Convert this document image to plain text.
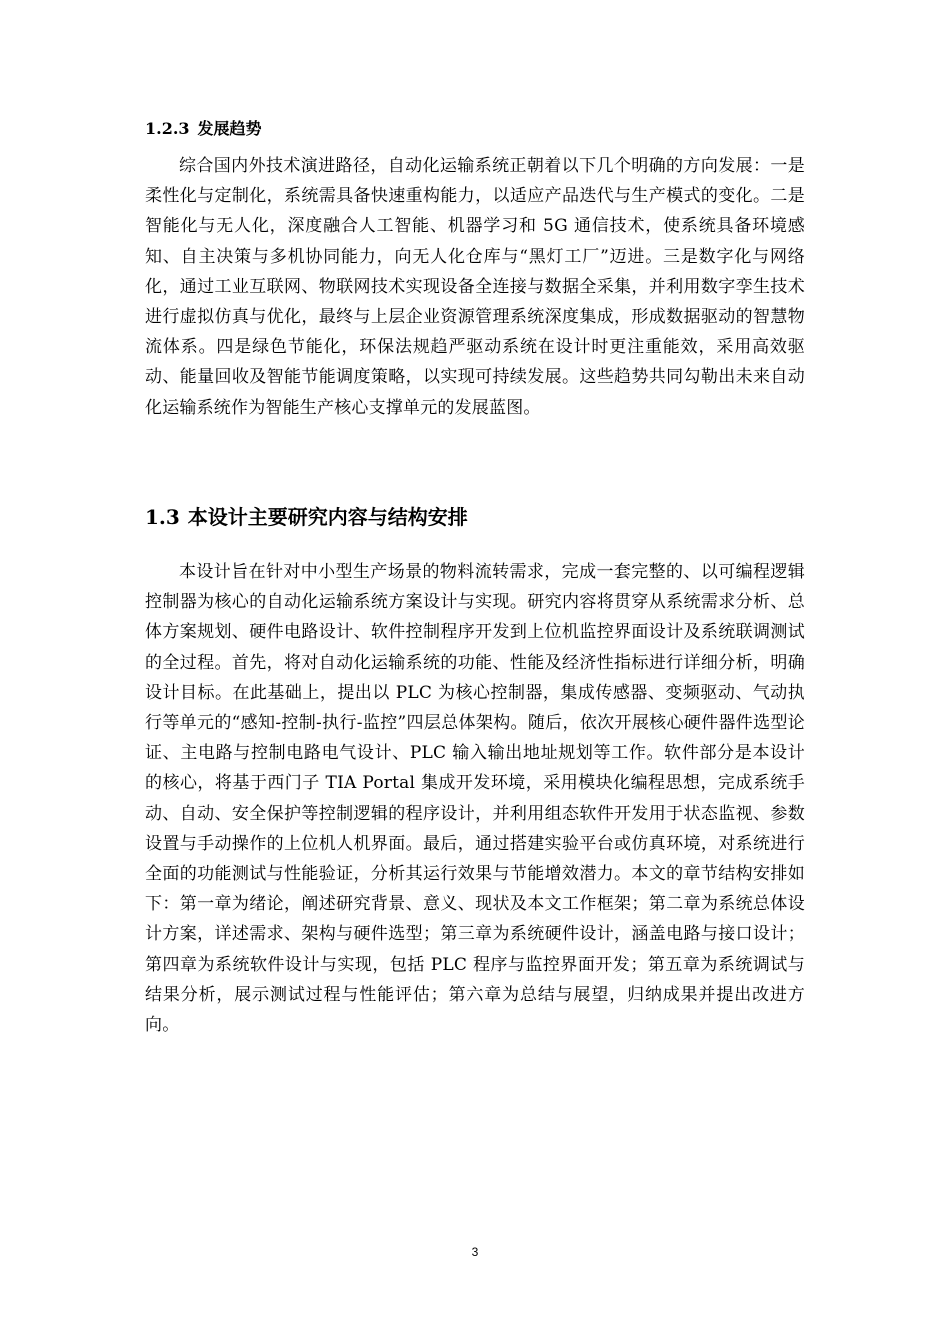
1.2.3 发展趋势

综合国内外技术演进路径，自动化运输系统正朝着以下几个明确的方向发展：一是柔性化与定制化，系统需具备快速重构能力，以适应产品迭代与生产模式的变化。二是智能化与无人化，深度融合人工智能、机器学习和 5G 通信技术，使系统具备环境感知、自主决策与多机协同能力，向无人化仓库与“黑灯工厂”迈进。三是数字化与网络化，通过工业互联网、物联网技术实现设备全连接与数据全采集，并利用数字孪生技术进行虚拟仿真与优化，最终与上层企业资源管理系统深度集成，形成数据驱动的智慧物流体系。四是绿色节能化，环保法规趋严驱动系统在设计时更注重能效，采用高效驱动、能量回收及智能节能调度策略，以实现可持续发展。这些趋势共同勾勒出未来自动化运输系统作为智能生产核心支撑单元的发展蓝图。

1.3 本设计主要研究内容与结构安排

本设计旨在针对中小型生产场景的物料流转需求，完成一套完整的、以可编程逻辑控制器为核心的自动化运输系统方案设计与实现。研究内容将贯穿从系统需求分析、总体方案规划、硬件电路设计、软件控制程序开发到上位机监控界面设计及系统联调测试的全过程。首先，将对自动化运输系统的功能、性能及经济性指标进行详细分析，明确设计目标。在此基础上，提出以 PLC 为核心控制器，集成传感器、变频驱动、气动执行等单元的“感知-控制-执行-监控”四层总体架构。随后，依次开展核心硬件器件选型论证、主电路与控制电路电气设计、PLC 输入输出地址规划等工作。软件部分是本设计的核心，将基于西门子 TIA Portal 集成开发环境，采用模块化编程思想，完成系统手动、自动、安全保护等控制逻辑的程序设计，并利用组态软件开发用于状态监视、参数设置与手动操作的上位机人机界面。最后，通过搭建实验平台或仿真环境，对系统进行全面的功能测试与性能验证，分析其运行效果与节能增效潜力。本文的章节结构安排如下：第一章为绪论，阐述研究背景、意义、现状及本文工作框架；第二章为系统总体设计方案，详述需求、架构与硬件选型；第三章为系统硬件设计，涵盖电路与接口设计；第四章为系统软件设计与实现，包括 PLC 程序与监控界面开发；第五章为系统调试与结果分析，展示测试过程与性能评估；第六章为总结与展望，归纳成果并提出改进方向。

3
